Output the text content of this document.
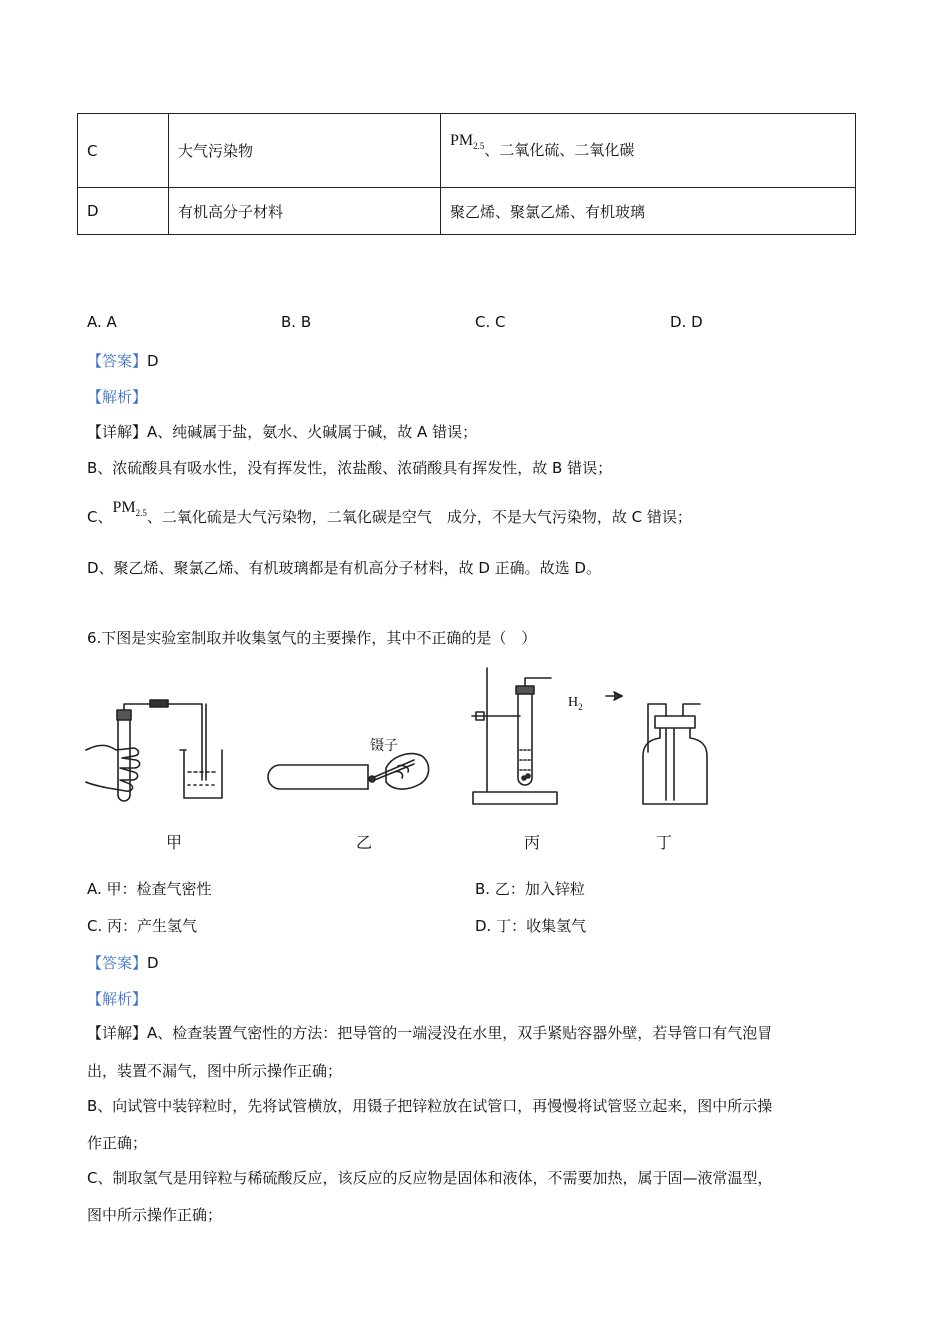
C	大气污染物	$PM_{2.5}$、二氧化硫、二氧化碳
D	有机高分子材料	聚乙烯、聚氯乙烯、有机玻璃
A. A	B. B	C. C	D. D
【答案】D
【解析】
【详解】A、纯碱属于盐，氨水、火碱属于碱，故 A 错误；
B、浓硫酸具有吸水性，没有挥发性，浓盐酸、浓硝酸具有挥发性，故 B 错误；
C、$PM_{2.5}$、二氧化硫是大气污染物，二氧化碳是空气　成分，不是大气污染物，故 C 错误；
D、聚乙烯、聚氯乙烯、有机玻璃都是有机高分子材料，故 D 正确。故选 D。
6.下图是实验室制取并收集氢气的主要操作，其中不正确的是（　）
镊子
$H_2$
甲	乙	丙	丁
A. 甲：检查气密性	B. 乙：加入锌粒
C. 丙：产生氢气	D. 丁：收集氢气
【答案】D
【解析】
【详解】A、检查装置气密性的方法：把导管的一端浸没在水里，双手紧贴容器外壁，若导管口有气泡冒
出，装置不漏气，图中所示操作正确；
B、向试管中装锌粒时，先将试管横放，用镊子把锌粒放在试管口，再慢慢将试管竖立起来，图中所示操
作正确；
C、制取氢气是用锌粒与稀硫酸反应，该反应的反应物是固体和液体，不需要加热，属于固—液常温型，
图中所示操作正确；
